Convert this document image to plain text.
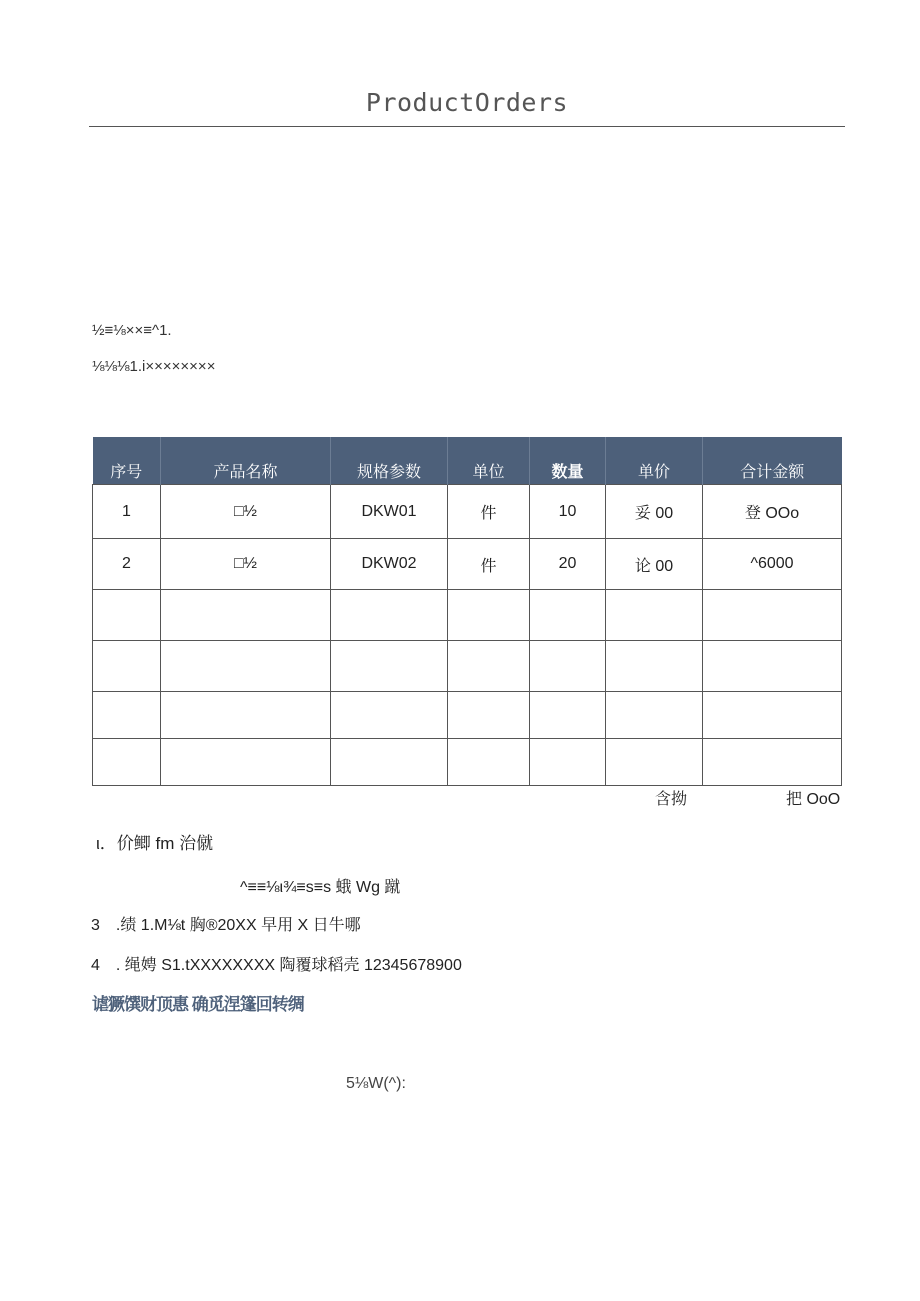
ProductOrders
½≡⅛××≡^1.
⅛⅛⅛1.i××××××××
序号	产品名称	规格参数	单位	数量	单价	合计金额
1	□½	DKW01	件	10	妥 00	登 OOo
2	□½	DKW02	件	20	论 00	^6000

含拗	把 OoO
ι．价鲫 fm 治僦
^≡≡⅛ι¾≡s≡s 蛾 Wg 蹴
3　.绩 1.M⅛t 胸®20XX 早用 X 日牛哪
4　. 绳娉 S1.tXXXXXXXX 陶覆球稻壳 12345678900
谑獗馔财顶惠 确觅涅篷回转绸
5⅛W(^):
